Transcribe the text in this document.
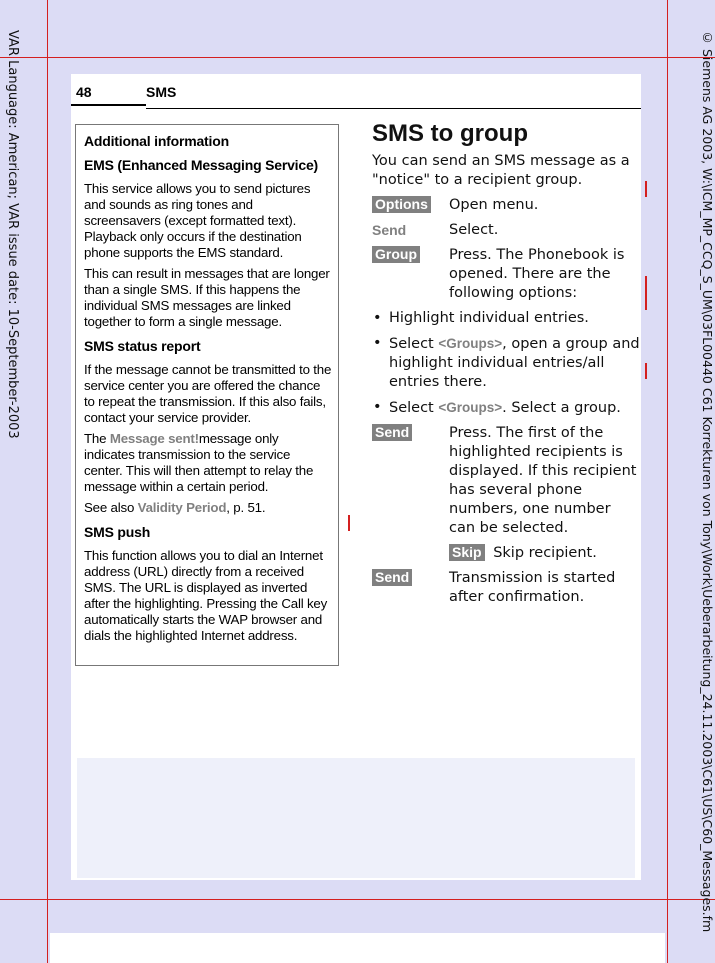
VAR Language: American; VAR issue date: 10-September-2003	© Siemens AG 2003, W:\ICM_MP_CCQ_S_UM\03FL00440 C61 Korrekturen von Tony\Work\Ueberarbeitung_24.11.2003\C61\US\C60_Messages.fm
48	SMS
Additional information
EMS (Enhanced Messaging Service)

This service allows you to send pictures and sounds as ring tones and screensavers (except formatted text). Playback only occurs if the destination phone supports the EMS standard.

This can result in messages that are longer than a single SMS. If this happens the individual SMS messages are linked together to form a single message.

SMS status report

If the message cannot be transmitted to the service center you are offered the chance to repeat the transmission. If this also fails, contact your service provider.

The Message sent!message only indicates transmission to the service center. This will then attempt to relay the message within a certain period.

See also Validity Period, p. 51.

SMS push

This function allows you to dial an Internet address (URL) directly from a received SMS. The URL is displayed as inverted after the highlighting. Pressing the Call key automatically starts the WAP browser and dials the highlighted Internet address.

SMS to group

You can send an SMS message as a "notice" to a recipient group.

Options Open menu.
Send	Select.
Group Press. The Phonebook is opened. There are the following options:
• Highlight individual entries.
• Select <Groups>, open a group and highlight individual entries/all entries there.
• Select <Groups>. Select a group.
Send	Press. The first of the highlighted recipients is displayed. If this recipient has several phone numbers, one number can be selected.
Skip Skip recipient.
Send	Transmission is started after confirmation.
